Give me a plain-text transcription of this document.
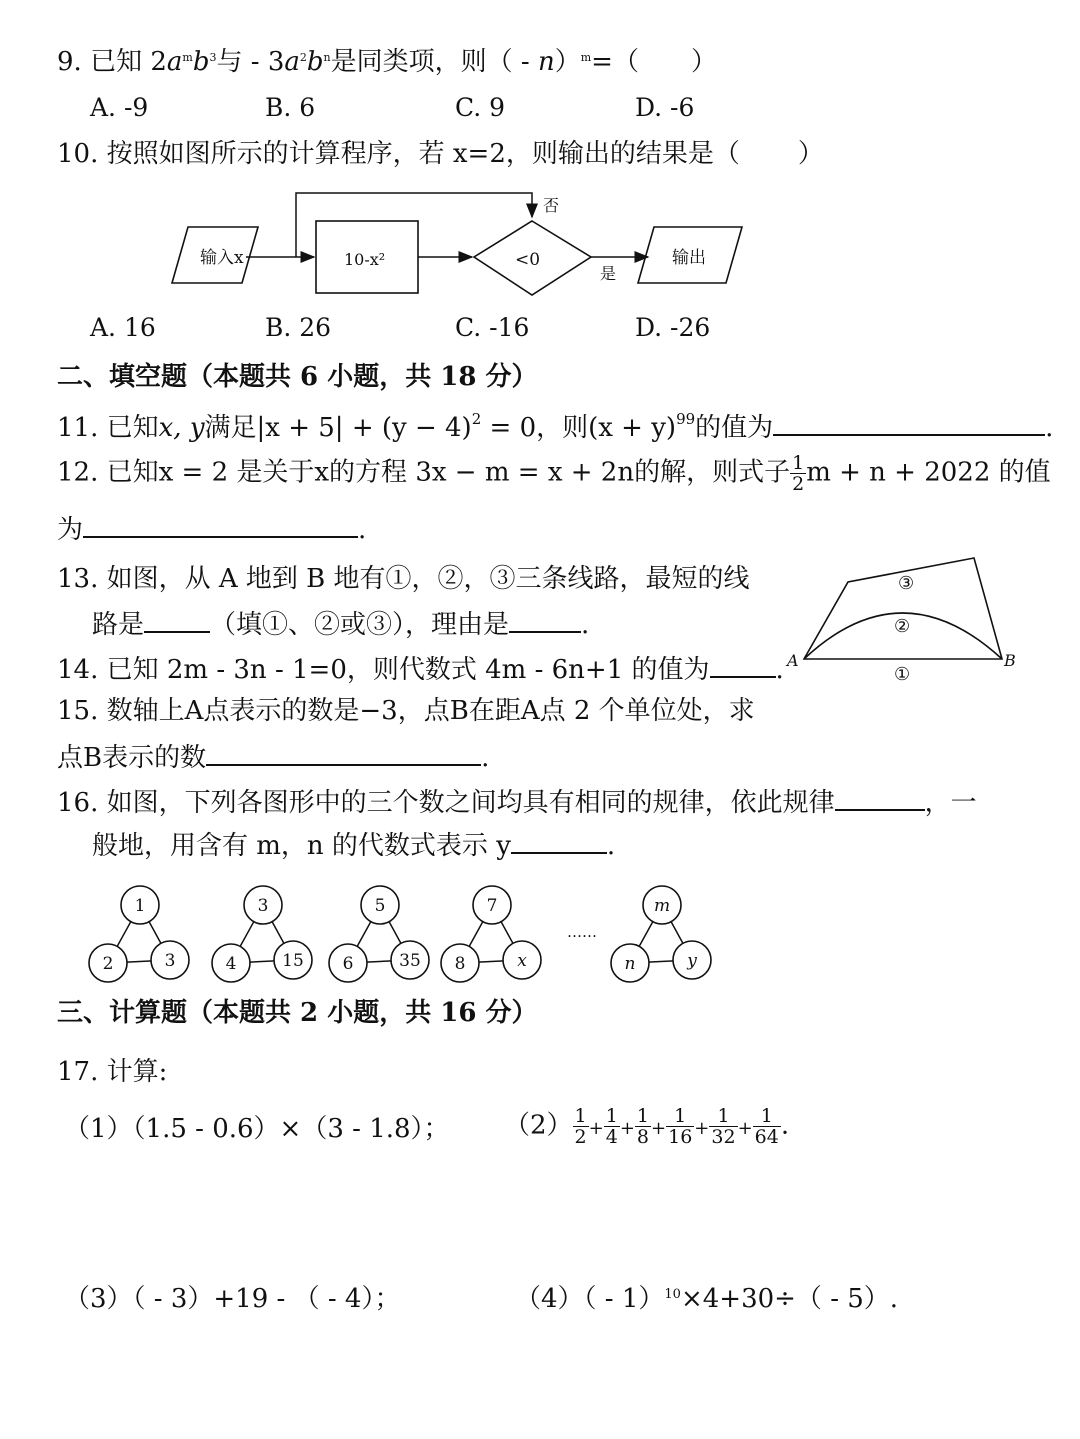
9. 已知 $2a^mb^3$与 - $3a^2b^n$是同类项，则（ - n）$^m$=（ ）
A. -9	B. 6	C. 9	D. -6
10. 按照如图所示的计算程序，若 x=2，则输出的结果是（ ）
输入x	10-x²	<0
否
是
输出
A. 16	B. 26	C. -16	D. -26
二、填空题（本题共 6 小题，共 18 分）
11. 已知x, y满足$|x + 5| + (y - 4)^2 = 0$，则$(x + y)^{99}$的值为	.
12. 已知x = 2 是关于x的方程 3x − m = x + 2n的解，则式子 $\frac{1}{2}$ m + n + 2022 的值
为	.
13. 如图，从 A 地到 B 地有①，②，③三条线路，最短的线
路是	（填①、②或③），理由是	.
A	B
①
②
③
14. 已知 2m - 3n - 1=0，则代数式 4m - 6n+1 的值为	.
15. 数轴上A点表示的数是−3，点B在距A点 2 个单位处，求
点B表示的数	.
16. 如图，下列各图形中的三个数之间均具有相同的规律，依此规律	，一
般地，用含有 m，n 的代数式表示 y	.
1
2	3
3
4	15
5
6	35
7
8	x
m
n	y
……
三、计算题（本题共 2 小题，共 16 分）
17. 计算:
（1）（1.5 - 0.6）×（3 - 1.8）； $(2) \frac{1}{2} + \frac{1}{4} + \frac{1}{8} + \frac{1}{16} + \frac{1}{32} + \frac{1}{64}$ .
（3）（ - 3）+19 - （ - 4）；	（4）（ - 1）$^{10}$×4+30÷（ - 5）.
